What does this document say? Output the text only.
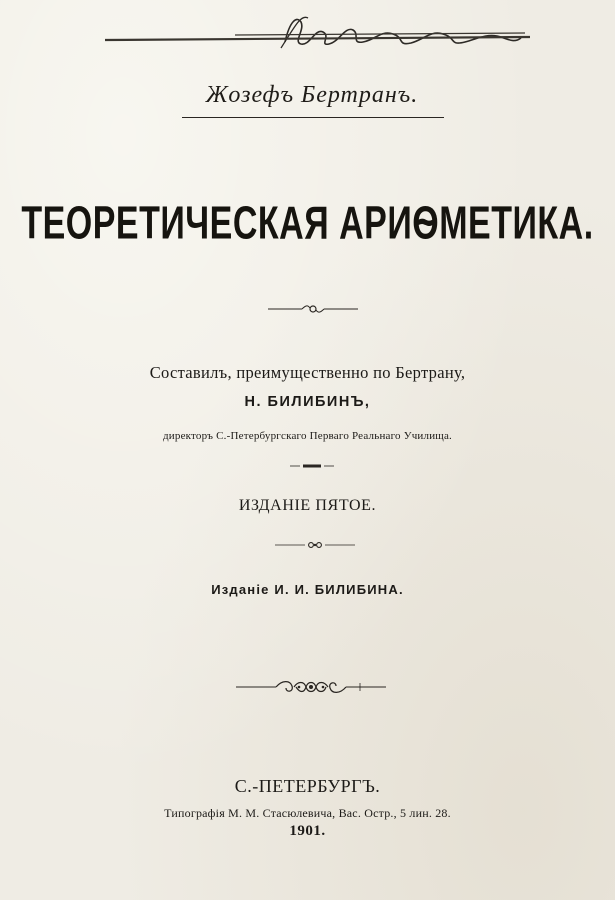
Жозефъ Бертранъ.
ТЕОРЕТИЧЕСКАЯ АРИѲМЕТИКА.
Составилъ, преимущественно по Бертрану,
Н. БИЛИБИНЪ,
директоръ С.-Петербургскаго Перваго Реальнаго Училища.
ИЗДАНІЕ ПЯТОЕ.
Изданіе И. И. БИЛИБИНА.
С.-ПЕТЕРБУРГЪ.
Типографія М. М. Стасюлевича, Вас. Остр., 5 лин. 28.
1901.
